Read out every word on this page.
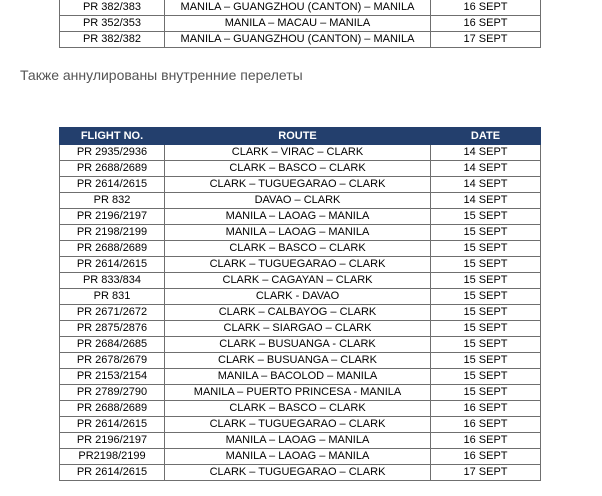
PR 382/383	MANILA – GUANGZHOU (CANTON) – MANILA	16 SEPT
PR 352/353	MANILA – MACAU – MANILA	16 SEPT
PR 382/382	MANILA – GUANGZHOU (CANTON) – MANILA	17 SEPT

Также аннулированы внутренние перелеты

FLIGHT NO.	ROUTE	DATE
PR 2935/2936	CLARK – VIRAC – CLARK	14 SEPT
PR 2688/2689	CLARK – BASCO – CLARK	14 SEPT
PR 2614/2615	CLARK – TUGUEGARAO – CLARK	14 SEPT
PR 832	DAVAO – CLARK	14 SEPT
PR 2196/2197	MANILA – LAOAG – MANILA	15 SEPT
PR 2198/2199	MANILA – LAOAG – MANILA	15 SEPT
PR 2688/2689	CLARK – BASCO – CLARK	15 SEPT
PR 2614/2615	CLARK – TUGUEGARAO – CLARK	15 SEPT
PR 833/834	CLARK – CAGAYAN – CLARK	15 SEPT
PR 831	CLARK - DAVAO	15 SEPT
PR 2671/2672	CLARK – CALBAYOG – CLARK	15 SEPT
PR 2875/2876	CLARK – SIARGAO – CLARK	15 SEPT
PR 2684/2685	CLARK – BUSUANGA - CLARK	15 SEPT
PR 2678/2679	CLARK – BUSUANGA – CLARK	15 SEPT
PR 2153/2154	MANILA – BACOLOD – MANILA	15 SEPT
PR 2789/2790	MANILA – PUERTO PRINCESA - MANILA	15 SEPT
PR 2688/2689	CLARK – BASCO – CLARK	16 SEPT
PR 2614/2615	CLARK – TUGUEGARAO – CLARK	16 SEPT
PR 2196/2197	MANILA – LAOAG – MANILA	16 SEPT
PR2198/2199	MANILA – LAOAG – MANILA	16 SEPT
PR 2614/2615	CLARK – TUGUEGARAO – CLARK	17 SEPT
